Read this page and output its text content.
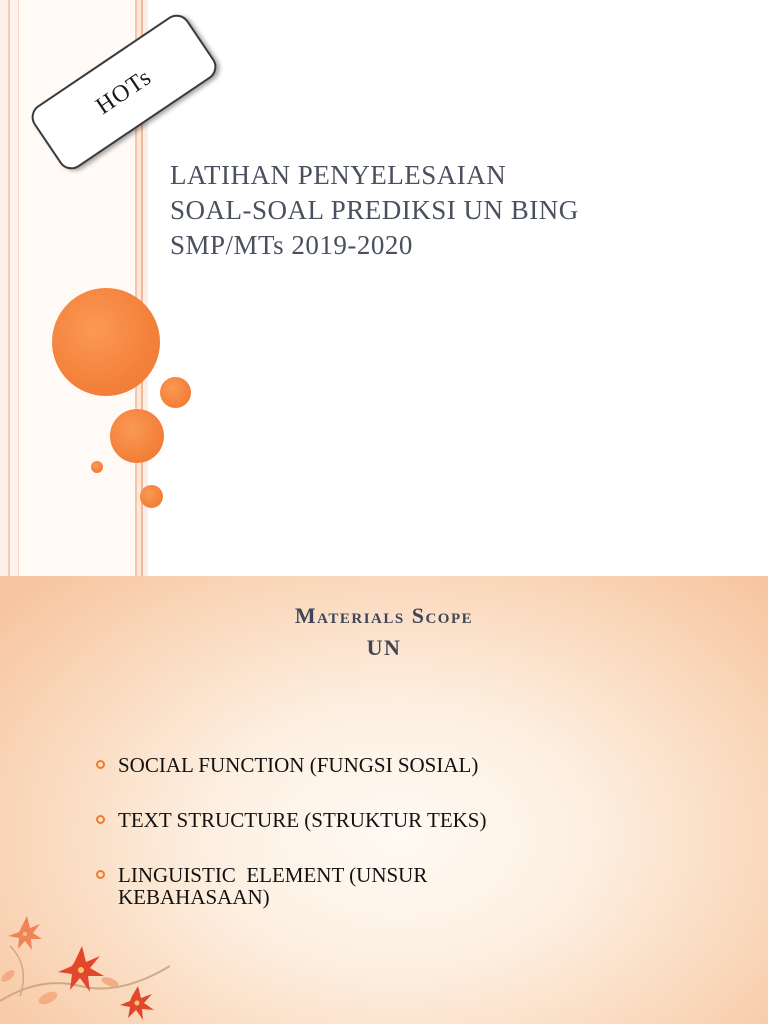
HOTs
LATIHAN PENYELESAIAN
SOAL-SOAL PREDIKSI UN BING
SMP/MTs 2019-2020
Materials Scope
UN
SOCIAL FUNCTION (FUNGSI SOSIAL)
TEXT STRUCTURE (STRUKTUR TEKS)
LINGUISTIC  ELEMENT (UNSUR
KEBAHASAAN)
